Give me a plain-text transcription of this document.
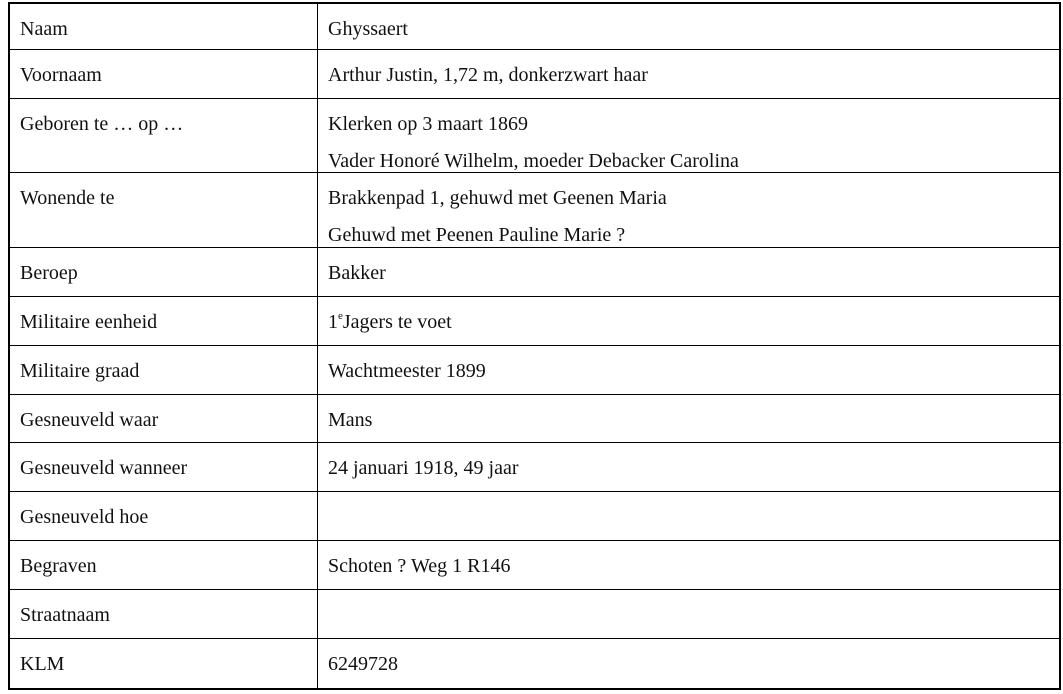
Naam	Ghyssaert
Voornaam	Arthur Justin, 1,72 m, donkerzwart haar
Geboren te … op …	Klerken op 3 maart 1869
Vader Honoré Wilhelm, moeder Debacker Carolina
Wonende te	Brakkenpad 1, gehuwd met Geenen Maria
Gehuwd met Peenen Pauline Marie ?
Beroep	Bakker
Militaire eenheid	1eJagers te voet
Militaire graad	Wachtmeester 1899
Gesneuveld waar	Mans
Gesneuveld wanneer	24 januari 1918, 49 jaar
Gesneuveld hoe
Begraven	Schoten ? Weg 1 R146
Straatnaam
KLM	6249728
